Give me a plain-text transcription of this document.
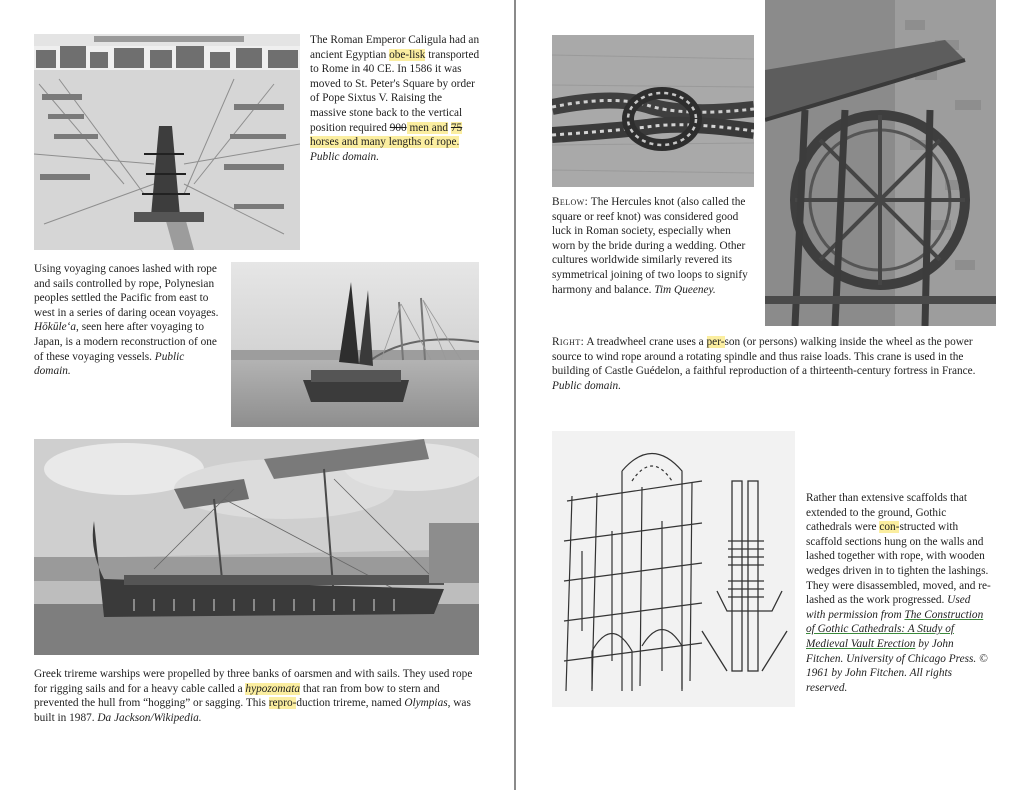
The Roman Emperor Caligula had an ancient Egyptian obe-lisk transported to Rome in 40 CE. In 1586 it was moved to St. Peter's Square by order of Pope Sixtus V. Raising the massive stone back to the vertical position required 900 men and 75 horses and many lengths of rope. Public domain.

Using voyaging canoes lashed with rope and sails controlled by rope, Polynesian peoples settled the Pacific from east to west in a series of daring ocean voyages. Hōkūleʻa, seen here after voyaging to Japan, is a modern reconstruction of one of these voyaging vessels. Public domain.

Greek trireme warships were propelled by three banks of oarsmen and with sails. They used rope for rigging sails and for a heavy cable called a hypozomata that ran from bow to stern and prevented the hull from “hogging” or sagging. This repro-duction trireme, named Olympias, was built in 1987. Da Jackson/Wikipedia.

Below: The Hercules knot (also called the square or reef knot) was considered good luck in Roman society, especially when worn by the bride during a wedding. Other cultures worldwide similarly revered its symmetrical joining of two loops to signify harmony and balance. Tim Queeney.

Right: A treadwheel crane uses a per-son (or persons) walking inside the wheel as the power source to wind rope around a rotating spindle and thus raise loads. This crane is used in the building of Castle Guédelon, a faithful reproduction of a thirteenth-century fortress in France. Public domain.

Rather than extensive scaffolds that extended to the ground, Gothic cathedrals were con-structed with scaffold sections hung on the walls and lashed together with rope, with wooden wedges driven in to tighten the lashings. They were disassembled, moved, and re-lashed as the work progressed. Used with permission from The Construction of Gothic Cathedrals: A Study of Medieval Vault Erection by John Fitchen. University of Chicago Press. © 1961 by John Fitchen. All rights reserved.
